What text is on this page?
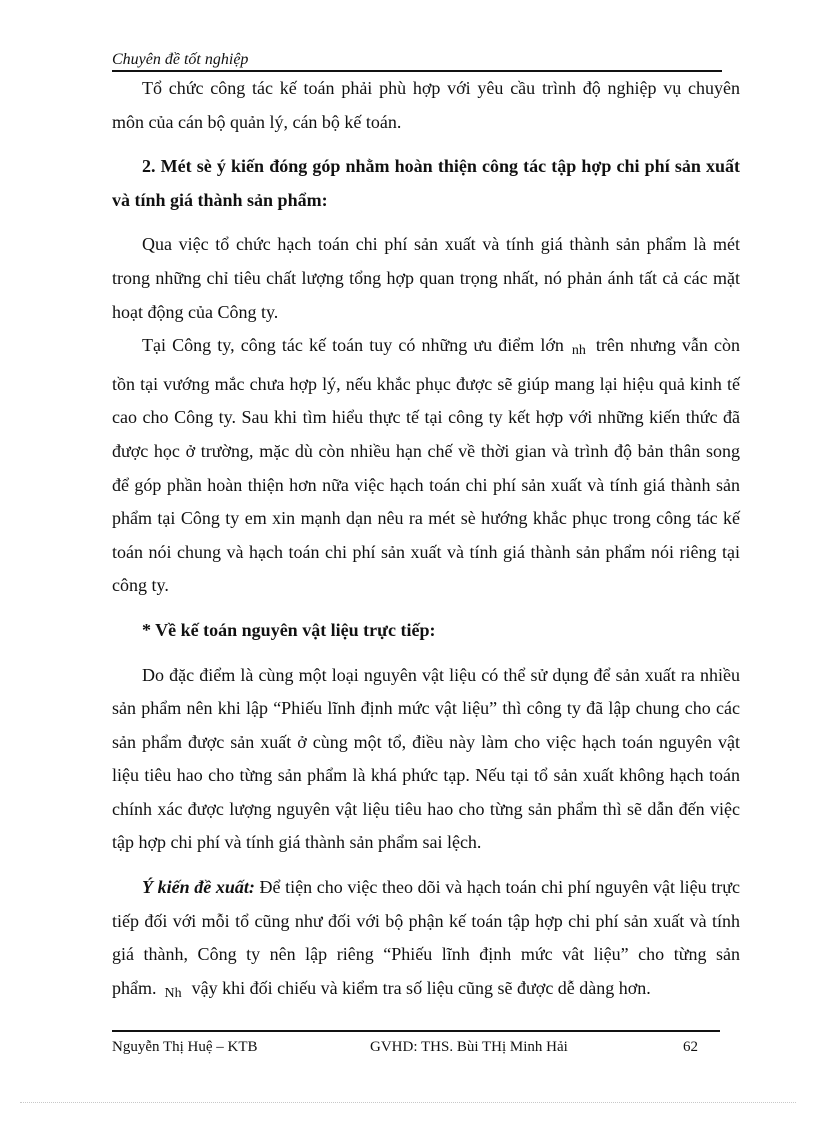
Chuyên đề tốt nghiệp

Tổ chức công tác kế toán phải phù hợp với yêu cầu trình độ nghiệp vụ chuyên môn của cán bộ quản lý, cán bộ kế toán.

2. Mét sè ý kiến đóng góp nhằm hoàn thiện công tác tập hợp chi phí sản xuất và tính giá thành sản phẩm:

Qua việc tổ chức hạch toán chi phí sản xuất và tính giá thành sản phẩm là mét trong những chỉ tiêu chất lượng tổng hợp quan trọng nhất, nó phản ánh tất cả các mặt hoạt động của Công ty.

Tại Công ty, công tác kế toán tuy có những ưu điểm lớn nh trên nhưng vẫn còn tồn tại vướng mắc chưa hợp lý, nếu khắc phục được sẽ giúp mang lại hiệu quả kinh tế cao cho Công ty. Sau khi tìm hiểu thực tế tại công ty kết hợp với những kiến thức đã được học ở trường, mặc dù còn nhiều hạn chế về thời gian và trình độ bản thân song để góp phần hoàn thiện hơn nữa việc hạch toán chi phí sản xuất và tính giá thành sản phẩm tại Công ty em xin mạnh dạn nêu ra mét sè hướng khắc phục trong công tác kế toán nói chung và hạch toán chi phí sản xuất và tính giá thành sản phẩm nói riêng tại công ty.

* Về kế toán nguyên vật liệu trực tiếp:

Do đặc điểm là cùng một loại nguyên vật liệu có thể sử dụng để sản xuất ra nhiều sản phẩm nên khi lập “Phiếu lĩnh định mức vật liệu” thì công ty đã lập chung cho các sản phẩm được sản xuất ở cùng một tổ, điều này làm cho việc hạch toán nguyên vật liệu tiêu hao cho từng sản phẩm là khá phức tạp. Nếu tại tổ sản xuất không hạch toán chính xác được lượng nguyên vật liệu tiêu hao cho từng sản phẩm thì sẽ dẫn đến việc tập hợp chi phí và tính giá thành sản phẩm sai lệch.

Ý kiến đề xuất: Để tiện cho việc theo dõi và hạch toán chi phí nguyên vật liệu trực tiếp đối với mỗi tổ cũng như đối với bộ phận kế toán tập hợp chi phí sản xuất và tính giá thành, Công ty nên lập riêng “Phiếu lĩnh định mức vât liệu” cho từng sản phẩm. Nh vậy khi đối chiếu và kiểm tra số liệu cũng sẽ được dễ dàng hơn.

Nguyễn Thị Huệ – KTB	GVHD: THS. Bùi THị Minh Hải	62
